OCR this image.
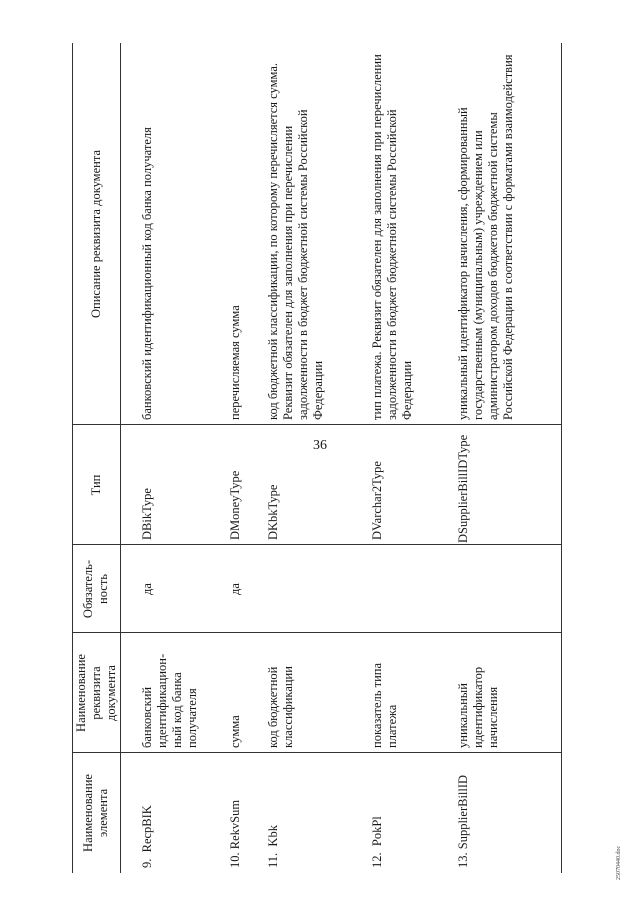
36
Наименование элемента
Наименование реквизита документа
Обязатель-ность
Тип
Описание реквизита документа
9.  RecpBIK
банковский идентификацион-ный код банка получателя
да
DBikType
банковский идентификационный код банка получателя
10. RekvSum
сумма
да
DMoneyType
перечисляемая сумма
11.  Kbk
код бюджетной классификации
DKbkType
код бюджетной классификации, по которому перечисляется сумма. Реквизит обязателен для заполнения при перечислении задолженности в бюджет бюджетной системы Российской Федерации
12.  PokPl
показатель типа платежа
DVarchar2Type
тип платежа. Реквизит обязателен для заполнения при перечислении задолженности в бюджет бюджетной системы Российской Федерации
13. SupplierBillID
уникальный идентификатор начисления
DSupplierBillIDType
уникальный идентификатор начисления, сформированный государственным (муниципальным) учреждением или администратором доходов бюджетов бюджетной системы Российской Федерации в соответствии с форматами взаимодействия
25070440.doc
